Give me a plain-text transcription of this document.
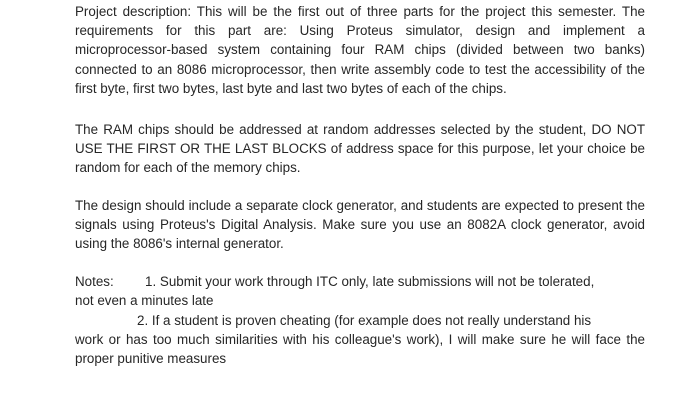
Project description: This will be the first out of three parts for the project this semester. The requirements for this part are: Using Proteus simulator, design and implement a microprocessor-based system containing four RAM chips (divided between two banks) connected to an 8086 microprocessor, then write assembly code to test the accessibility of the first byte, first two bytes, last byte and last two bytes of each of the chips.

The RAM chips should be addressed at random addresses selected by the student, DO NOT USE THE FIRST OR THE LAST BLOCKS of address space for this purpose, let your choice be random for each of the memory chips.

The design should include a separate clock generator, and students are expected to present the signals using Proteus's Digital Analysis. Make sure you use an 8082A clock generator, avoid using the 8086's internal generator.

Notes: 1. Submit your work through ITC only, late submissions will not be tolerated,

not even a minutes late

2. If a student is proven cheating (for example does not really understand his

work or has too much similarities with his colleague's work), I will make sure he will face the proper punitive measures
